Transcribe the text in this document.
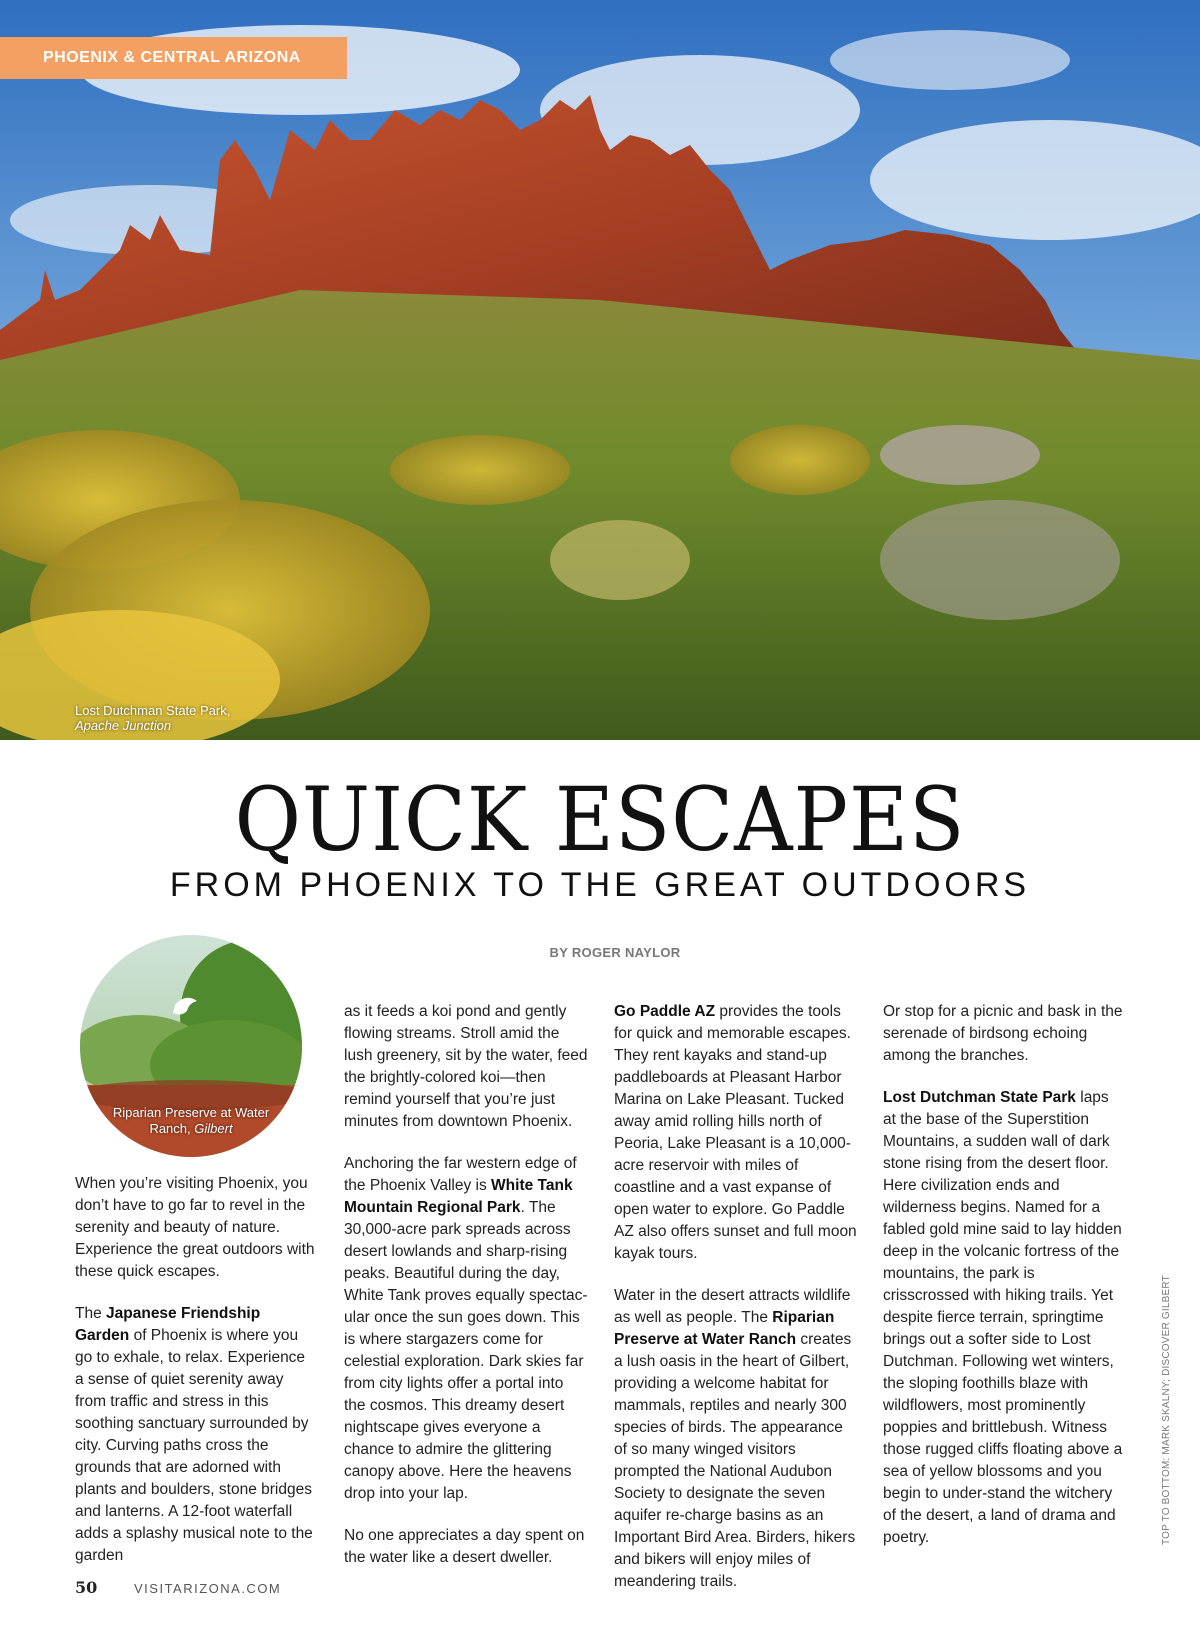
PHOENIX & CENTRAL ARIZONA
Lost Dutchman State Park,
Apache Junction
QUICK ESCAPES
FROM PHOENIX TO THE GREAT OUTDOORS
BY ROGER NAYLOR
Riparian Preserve at Water
Ranch, Gilbert

When you’re visiting Phoenix, you don’t have to go far to revel in the serenity and beauty of nature. Experience the great outdoors with these quick escapes.

The Japanese Friendship Garden of Phoenix is where you go to exhale, to relax. Experience a sense of quiet serenity away from traffic and stress in this soothing sanctuary surrounded by city. Curving paths cross the grounds that are adorned with plants and boulders, stone bridges and lanterns. A 12-foot waterfall adds a splashy musical note to the garden

as it feeds a koi pond and gently flowing streams. Stroll amid the lush greenery, sit by the water, feed the brightly-colored koi—then remind yourself that you’re just minutes from downtown Phoenix.

Anchoring the far western edge of the Phoenix Valley is White Tank Mountain Regional Park. The 30,000-acre park spreads across desert lowlands and sharp-rising peaks. Beautiful during the day, White Tank proves equally spectac-ular once the sun goes down. This is where stargazers come for celestial exploration. Dark skies far from city lights offer a portal into the cosmos. This dreamy desert nightscape gives everyone a chance to admire the glittering canopy above. Here the heavens drop into your lap.

No one appreciates a day spent on the water like a desert dweller.

Go Paddle AZ provides the tools for quick and memorable escapes. They rent kayaks and stand-up paddleboards at Pleasant Harbor Marina on Lake Pleasant. Tucked away amid rolling hills north of Peoria, Lake Pleasant is a 10,000-acre reservoir with miles of coastline and a vast expanse of open water to explore. Go Paddle AZ also offers sunset and full moon kayak tours.

Water in the desert attracts wildlife as well as people. The Riparian Preserve at Water Ranch creates a lush oasis in the heart of Gilbert, providing a welcome habitat for mammals, reptiles and nearly 300 species of birds. The appearance of so many winged visitors prompted the National Audubon Society to designate the seven aquifer re-charge basins as an Important Bird Area. Birders, hikers and bikers will enjoy miles of meandering trails.

Or stop for a picnic and bask in the serenade of birdsong echoing among the branches.

Lost Dutchman State Park laps at the base of the Superstition Mountains, a sudden wall of dark stone rising from the desert floor. Here civilization ends and wilderness begins. Named for a fabled gold mine said to lay hidden deep in the volcanic fortress of the mountains, the park is crisscrossed with hiking trails. Yet despite fierce terrain, springtime brings out a softer side to Lost Dutchman. Following wet winters, the sloping foothills blaze with wildflowers, most prominently poppies and brittlebush. Witness those rugged cliffs floating above a sea of yellow blossoms and you begin to under-stand the witchery of the desert, a land of drama and poetry.	TOP TO BOTTOM: MARK SKALNY; DISCOVER GILBERT
50	VISITARIZONA.COM
